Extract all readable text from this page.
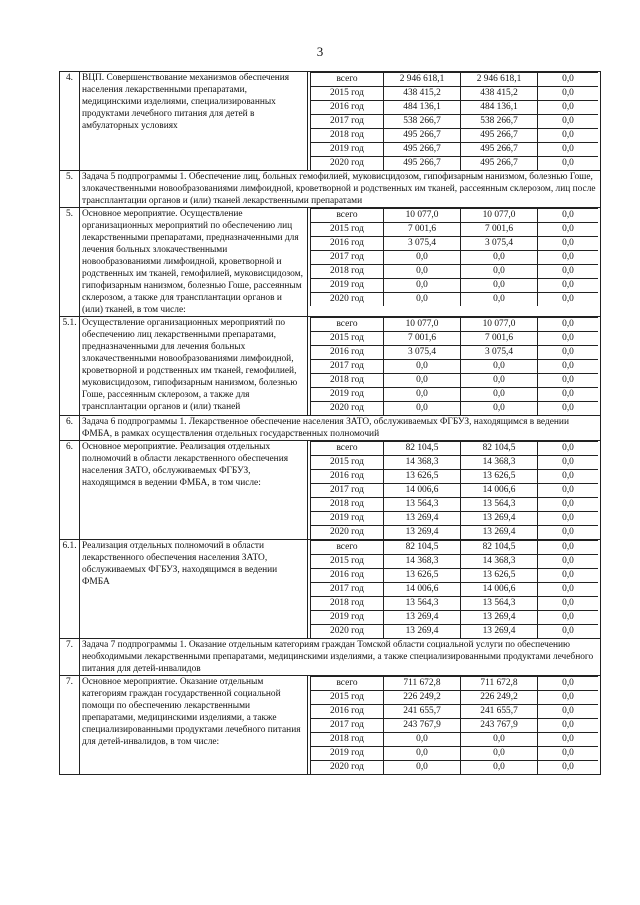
3
4.	ВЦП. Совершенствование механизмов обеспечения населения лекарственными препаратами, медицинскими изделиями, специализированных продуктами лечебного питания для детей в амбулаторных условиях	
всего	2 946 618,1	2 946 618,1	0,0
2015 год	438 415,2	438 415,2	0,0
2016 год	484 136,1	484 136,1	0,0
2017 год	538 266,7	538 266,7	0,0
2018 год	495 266,7	495 266,7	0,0
2019 год	495 266,7	495 266,7	0,0
2020 год	495 266,7	495 266,7	0,0

5.	Задача 5 подпрограммы 1. Обеспечение лиц, больных гемофилией, муковисцидозом, гипофизарным нанизмом, болезнью Гоше, злокачественными новообразованиями лимфоидной, кроветворной и родственных им тканей, рассеянным склерозом, лиц после трансплантации органов и (или) тканей лекарственными препаратами
5.	Основное мероприятие. Осуществление организационных мероприятий по обеспечению лиц лекарственными препаратами, предназначенными для лечения больных злокачественными новообразованиями лимфоидной, кроветворной и родственных им тканей, гемофилией, муковисцидозом, гипофизарным нанизмом, болезнью Гоше, рассеянным склерозом, а также для трансплантации органов и (или) тканей, в том числе:	
всего	10 077,0	10 077,0	0,0
2015 год	7 001,6	7 001,6	0,0
2016 год	3 075,4	3 075,4	0,0
2017 год	0,0	0,0	0,0
2018 год	0,0	0,0	0,0
2019 год	0,0	0,0	0,0
2020 год	0,0	0,0	0,0

5.1.	Осуществление организационных мероприятий по обеспечению лиц лекарственными препаратами, предназначенными для лечения больных злокачественными новообразованиями лимфоидной, кроветворной и родственных им тканей, гемофилией, муковисцидозом, гипофизарным нанизмом, болезнью Гоше, рассеянным склерозом, а также для трансплантации органов и (или) тканей	
всего	10 077,0	10 077,0	0,0
2015 год	7 001,6	7 001,6	0,0
2016 год	3 075,4	3 075,4	0,0
2017 год	0,0	0,0	0,0
2018 год	0,0	0,0	0,0
2019 год	0,0	0,0	0,0
2020 год	0,0	0,0	0,0

6.	Задача 6 подпрограммы 1. Лекарственное обеспечение населения ЗАТО, обслуживаемых ФГБУЗ, находящимся в ведении ФМБА, в рамках осуществления отдельных государственных полномочий
6.	Основное мероприятие. Реализация отдельных полномочий в области лекарственного обеспечения населения ЗАТО, обслуживаемых ФГБУЗ, находящимся в ведении ФМБА, в том числе:	
всего	82 104,5	82 104,5	0,0
2015 год	14 368,3	14 368,3	0,0
2016 год	13 626,5	13 626,5	0,0
2017 год	14 006,6	14 006,6	0,0
2018 год	13 564,3	13 564,3	0,0
2019 год	13 269,4	13 269,4	0,0
2020 год	13 269,4	13 269,4	0,0

6.1.	Реализация отдельных полномочий в области лекарственного обеспечения населения ЗАТО, обслуживаемых ФГБУЗ, находящимся в ведении ФМБА	
всего	82 104,5	82 104,5	0,0
2015 год	14 368,3	14 368,3	0,0
2016 год	13 626,5	13 626,5	0,0
2017 год	14 006,6	14 006,6	0,0
2018 год	13 564,3	13 564,3	0,0
2019 год	13 269,4	13 269,4	0,0
2020 год	13 269,4	13 269,4	0,0

7.	Задача 7 подпрограммы 1. Оказание отдельным категориям граждан Томской области социальной услуги по обеспечению необходимыми лекарственными препаратами, медицинскими изделиями, а также специализированными продуктами лечебного питания для детей-инвалидов
7.	Основное мероприятие. Оказание отдельным категориям граждан государственной социальной помощи по обеспечению лекарственными препаратами, медицинскими изделиями, а также специализированными продуктами лечебного питания для детей-инвалидов, в том числе:	
всего	711 672,8	711 672,8	0,0
2015 год	226 249,2	226 249,2	0,0
2016 год	241 655,7	241 655,7	0,0
2017 год	243 767,9	243 767,9	0,0
2018 год	0,0	0,0	0,0
2019 год	0,0	0,0	0,0
2020 год	0,0	0,0	0,0
